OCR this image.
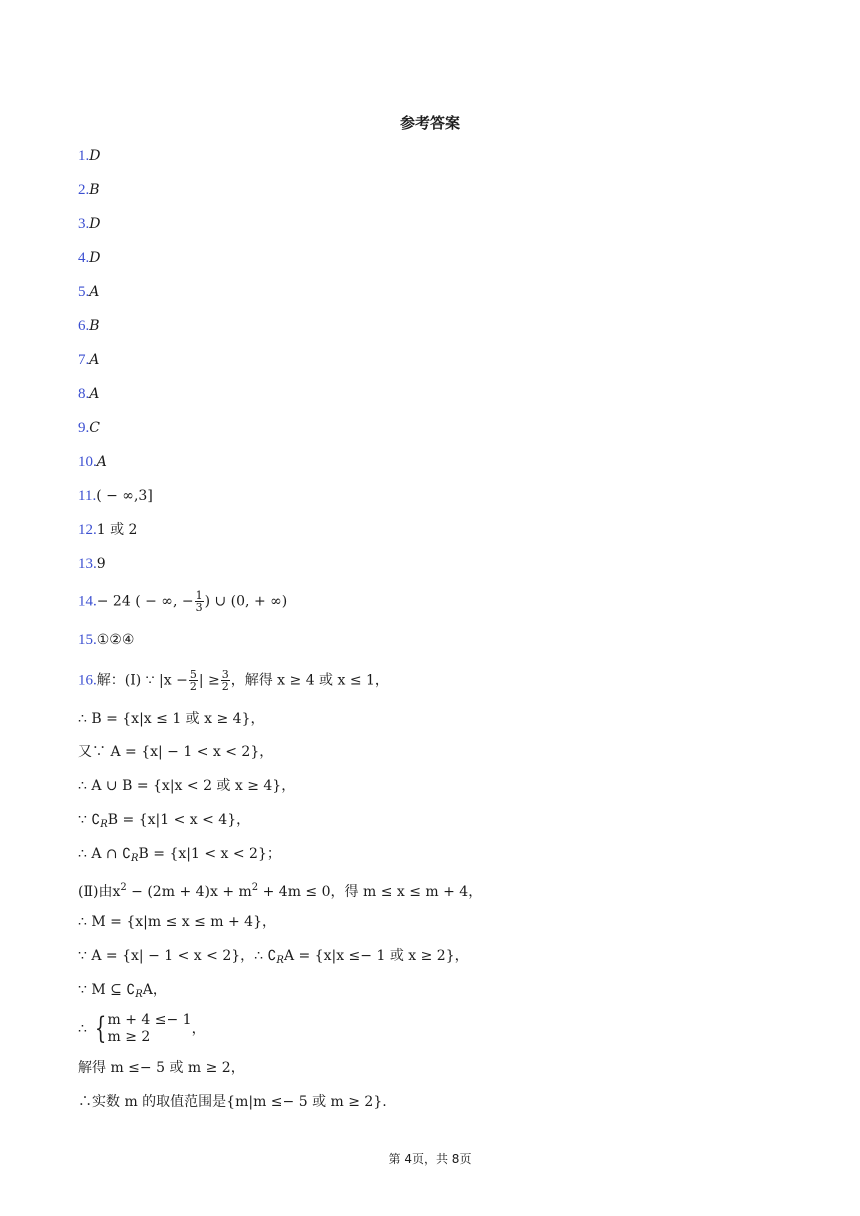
参考答案
1.D
2.B
3.D
4.D
5.A
6.B
7.A
8.A
9.C
10.A
11.( − ∞,3]
12.1 或 2
13.9
14.− 24 ( − ∞, − $\frac{1}{3}$ ) ∪ (0, + ∞)
15.①②④
16.解：(Ⅰ) ∵ $|x - \frac{5}{2}$ | ≥ $\frac{3}{2}$ ，解得 x ≥ 4 或 x ≤ 1，
∴ B = {x|x ≤ 1 或 x ≥ 4}，
又∵ A = {x| − 1 < x < 2}，
∴ A ∪ B = {x|x < 2 或 x ≥ 4}，
∵ $∁_RB = \{x|1 < x < 4\}$，
∴ A ∩ $∁_RB = \{x|1 < x < 2\}$；
(Ⅱ)由$x^2 - (2m + 4)x + m^2 + 4m \le 0$，得 m ≤ x ≤ m + 4，
∴ M = {x|m ≤ x ≤ m + 4}，
∵ A = {x| − 1 < x < 2}，∴ $∁_RA = \{x|x \le- 1$ 或 x ≥ 2}，
∵ M ⊆ $∁_RA$，
∴ { m + 4 ≤− 1
m ≥ 2	，
解得 m ≤− 5 或 m ≥ 2，
∴实数 m 的取值范围是{m|m ≤− 5 或 m ≥ 2}.
第 4页，共 8页
